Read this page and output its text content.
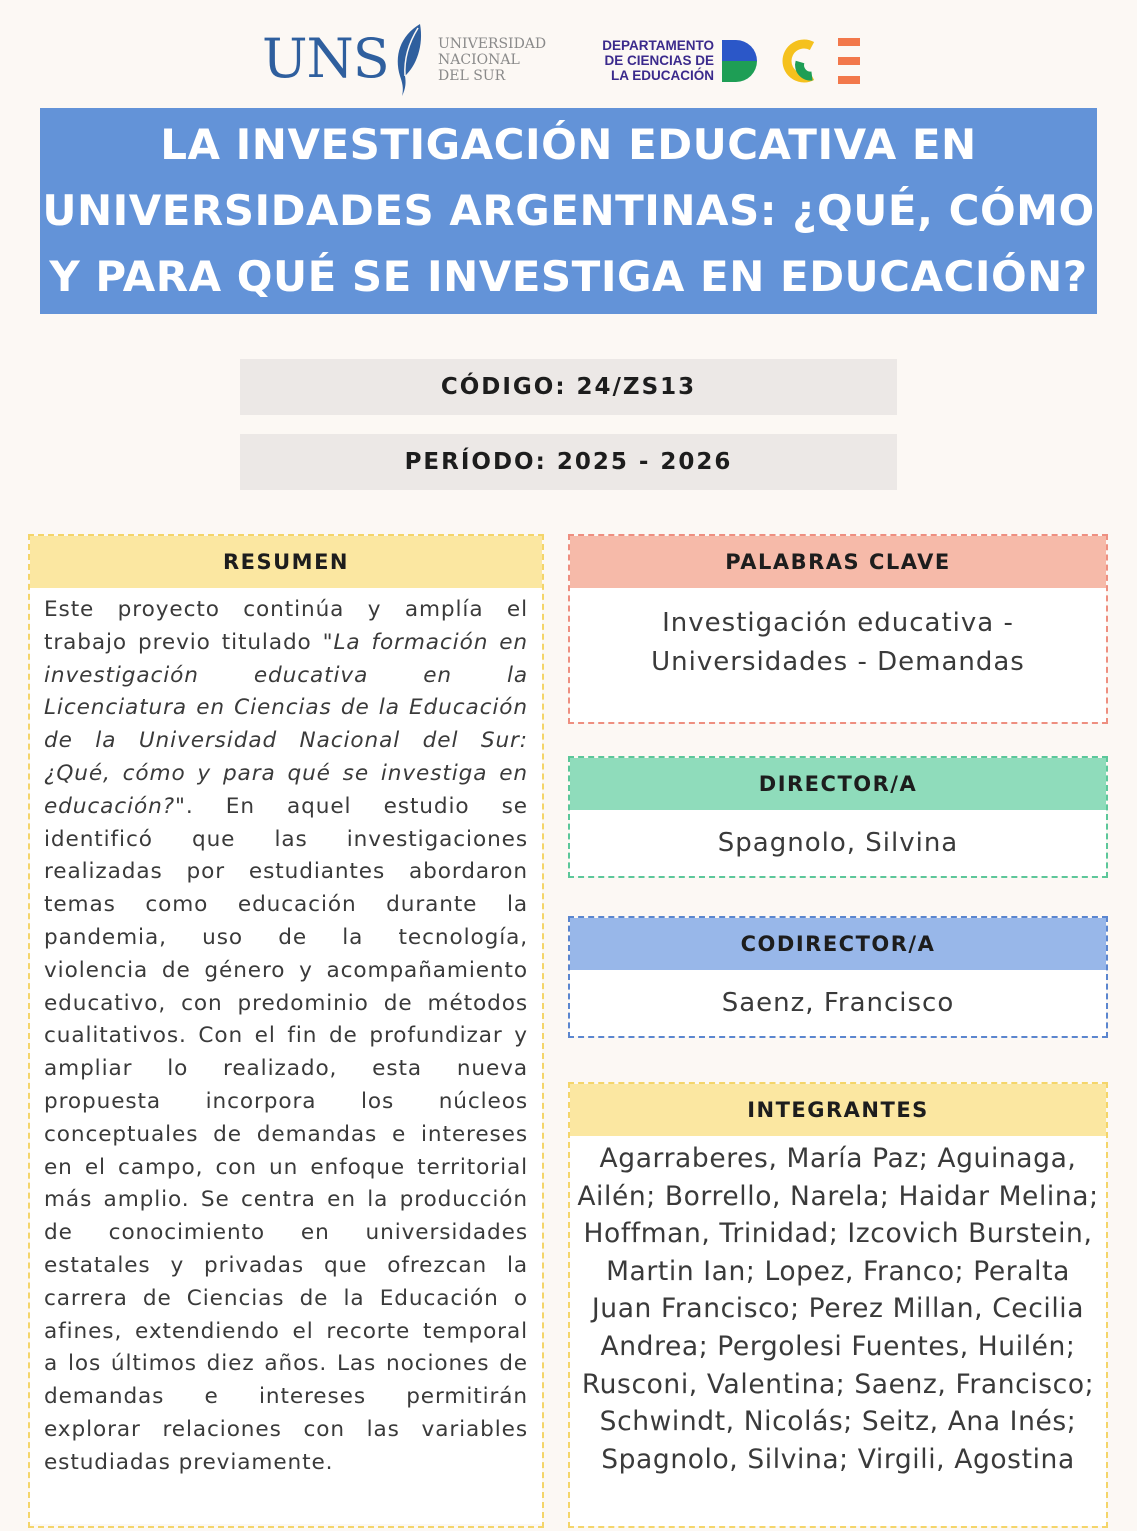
UNS	UNIVERSIDAD
NACIONAL
DEL SUR
DEPARTAMENTO
DE CIENCIAS DE
LA EDUCACIÓN
LA INVESTIGACIÓN EDUCATIVA EN
UNIVERSIDADES ARGENTINAS: ¿QUÉ, CÓMO
Y PARA QUÉ SE INVESTIGA EN EDUCACIÓN?
CÓDIGO: 24/ZS13
PERÍODO: 2025 - 2026
RESUMEN

Este proyecto continúa y amplía el trabajo previo titulado "La formación en investigación educativa en la Licenciatura en Ciencias de la Educación de la Universidad Nacional del Sur: ¿Qué, cómo y para qué se investiga en educación?". En aquel estudio se identificó que las investigaciones realizadas por estudiantes abordaron temas como educación durante la pandemia, uso de la tecnología, violencia de género y acompañamiento educativo, con predominio de métodos cualitativos. Con el fin de profundizar y ampliar lo realizado, esta nueva propuesta incorpora los núcleos conceptuales de demandas e intereses en el campo, con un enfoque territorial más amplio. Se centra en la producción de conocimiento en universidades estatales y privadas que ofrezcan la carrera de Ciencias de la Educación o afines, extendiendo el recorte temporal a los últimos diez años. Las nociones de demandas e intereses permitirán explorar relaciones con las variables estudiadas previamente.

PALABRAS CLAVE

Investigación educativa -
Universidades - Demandas

DIRECTOR/A

Spagnolo, Silvina

CODIRECTOR/A

Saenz, Francisco

INTEGRANTES

Agarraberes, María Paz; Aguinaga, Ailén; Borrello, Narela; Haidar Melina; Hoffman, Trinidad; Izcovich Burstein, Martin Ian; Lopez, Franco; Peralta Juan Francisco; Perez Millan, Cecilia Andrea; Pergolesi Fuentes, Huilén; Rusconi, Valentina; Saenz, Francisco; Schwindt, Nicolás; Seitz, Ana Inés; Spagnolo, Silvina; Virgili, Agostina
